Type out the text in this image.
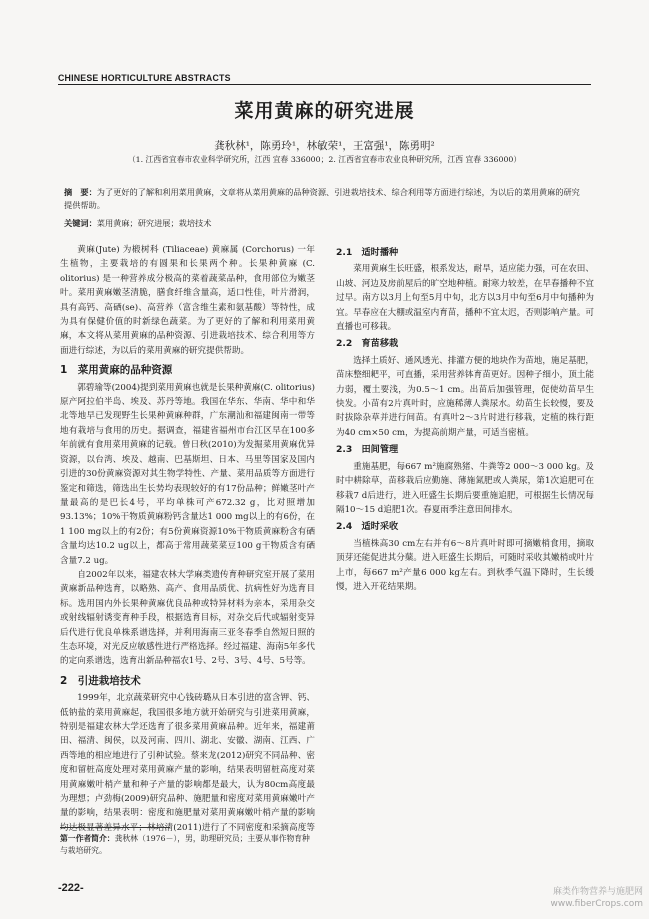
CHINESE HORTICULTURE ABSTRACTS
菜用黄麻的研究进展
龚秋林¹，陈勇玲¹，林敏荣¹，王富强¹，陈勇明²
（1. 江西省宜春市农业科学研究所，江西 宜春 336000；2. 江西省宜春市农业良种研究所，江西 宜春 336000）
摘　要：为了更好的了解和利用菜用黄麻，文章将从菜用黄麻的品种资源、引进栽培技术、综合利用等方面进行综述，为以后的菜用黄麻的研究提供帮助。
关键词：菜用黄麻；研究进展；栽培技术

黄麻(Jute) 为椴树科 (Tiliaceae) 黄麻属 (Corchorus) 一年生植物，主要栽培的有圆果和长果两个种。长果种黄麻 (C. olitorius) 是一种营养成分极高的菜着蔬菜品种，食用部位为嫩茎叶。菜用黄麻嫩茎清脆，膳食纤维含量高，适口性佳，叶片滑润，具有高钙、高硒(se)、高营养（富含维生素和氨基酸）等特性，成为具有保健价值的时新绿色蔬菜。为了更好的了解和利用菜用黄麻，本文将从菜用黄麻的品种资源、引进栽培技术、综合利用等方面进行综述，为以后的菜用黄麻的研究提供帮助。

1　菜用黄麻的品种资源

郭碧瑜等(2004)提到菜用黄麻也就是长果种黄麻(C. olitorius)原产阿拉伯半岛、埃及、苏丹等地。我国在华东、华南、华中和华北等地早已发现野生长果种黄麻种群，广东潮汕和福建闽南一带等地有栽培与食用的历史。据调查，福建省福州市台江区早在100多年前就有食用菜用黄麻的记载。曾日秋(2010)为发掘菜用黄麻优异资源，以台湾、埃及、越南、巴基斯坦、日本、马里等国家及国内引进的30份黄麻资源对其生物学特性、产量、菜用品质等方面进行鉴定和筛选，筛选出生长势均表现较好的有17份品种；鲜嫩茎叶产量最高的是巴长4号，平均单株可产672.32 g，比对照增加93.13%；10%干物质黄麻粉钙含量达1 000 mg以上的有6份，在1 100 mg以上的有2份；有5份黄麻资源10%干物质黄麻粉含有硒含量均达10.2 ug以上，都高于常用蔬菜菜豆100 g干物质含有硒含量7.2 ug。

自2002年以来，福建农林大学麻类遗传育种研究室开展了菜用黄麻新品种选育，以略熟、高产、食用品质优、抗病性好为选育目标。选用国内外长果种黄麻优良品种或特异材料为亲本，采用杂交或射线辐射诱变育种手段，根据选育目标，对杂交后代或辐射变异后代进行优良单株系谱选择，并利用海南三亚冬春季自然短日照的生态环境，对光反应敏感性进行严格选择。经过福建、海南5年多代的定向系谱选，选育出新品种福农1号、2号、3号、4号、5号等。

2　引进栽培技术

1999年，北京蔬菜研究中心钱砖璐从日本引进的富含钾、钙、低钠盐的菜用黄麻起，我国很多地方就开始研究与引进菜用黄麻，特别是福建农林大学还选育了很多菜用黄麻品种。近年来，福建莆田、福清、闽侯，以及河南、四川、湖北、安徽、湖南、江西、广西等地的相应地进行了引种试验。蔡来龙(2012)研究不同品种、密度和留桩高度处理对菜用黄麻产量的影响，结果表明留桩高度对菜用黄麻嫩叶梢产量和种子产量的影响都是最大，认为80cm高度最为理想；卢劲梅(2009)研究品种、施肥量和密度对菜用黄麻嫩叶产量的影响，结果表明：密度和施肥量对菜用黄麻嫩叶梢产量的影响均达极显著差异水平；林培清(2011)进行了不同密度和采摘高度等

2.1　适时播种

菜用黄麻生长旺盛，根系发达，耐旱，适应能力强，可在农田、山坡、河边及房前屋后的旷空地种植。耐寒力较差，在早春播种不宜过早。南方以3月上旬至5月中旬，北方以3月中旬至6月中旬播种为宜。早春应在大棚或温室内育苗，播种不宜太迟，否则影响产量。可直播也可移栽。

2.2　育苗移栽

选择土质好、通风透光、排灌方便的地块作为苗地，施足基肥，苗床整细耙平，可直播，采用营养钵育苗更好。因种子细小，顶土能力弱，覆土要浅，为0.5～1 cm。出苗后加强管理，促使幼苗早生快发。小苗有2片真叶时，应施稀薄人粪尿水。幼苗生长较慢，要及时拔除杂草并进行间苗。有真叶2～3片时进行移栽，定植的株行距为40 cm×50 cm，为提高前期产量，可适当密植。

2.3　田间管理

重施基肥，每667 m²施腐熟猪、牛粪等2 000～3 000 kg。及时中耕除草，苗移栽后应勤施、薄施氮肥或人粪尿，第1次追肥可在移栽7 d后进行，进入旺盛生长期后要重施追肥，可根据生长情况每隔10～15 d追肥1次。春夏雨季注意田间排水。

2.4　适时采收

当植株高30 cm左右并有6～8片真叶时即可摘嫩梢食用，摘取顶芽还能促进其分蘖。进入旺盛生长期后，可随时采收其嫩梢或叶片上市，每667 m²产量6 000 kg左右。到秋季气温下降时，生长缓慢，进入开花结果期。

第一作者简介：龚秋林（1976－），男，助理研究员；主要从事作物育种与栽培研究。
-222-	麻类作物营养与施肥网
www.fiberCrops.com
